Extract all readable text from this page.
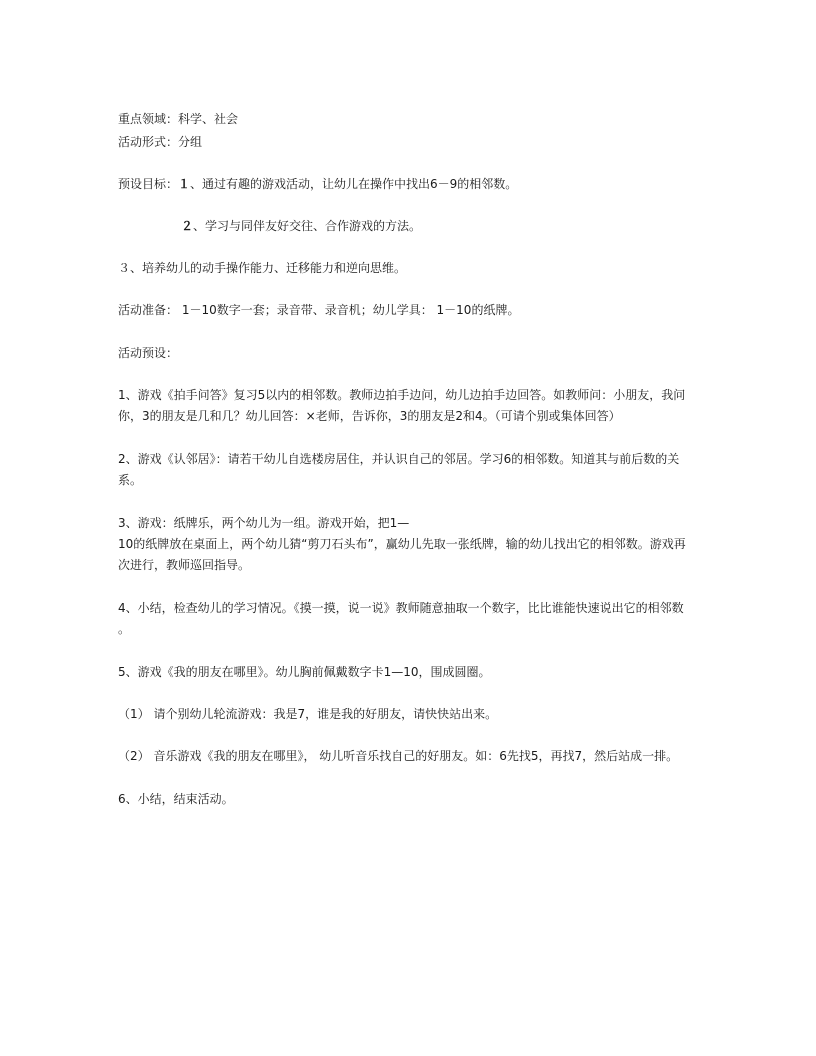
重点领域：科学、社会
活动形式：分组
预设目标：１、通过有趣的游戏活动，让幼儿在操作中找出6－9的相邻数。
２、学习与同伴友好交往、合作游戏的方法。
３、培养幼儿的动手操作能力、迁移能力和逆向思维。
活动准备： 1－10数字一套；录音带、录音机；幼儿学具： 1－10的纸牌。
活动预设：
1、游戏《拍手问答》复习5以内的相邻数。教师边拍手边问，幼儿边拍手边回答。如教师问：小朋友，我问
你，3的朋友是几和几？幼儿回答：×老师，告诉你，3的朋友是2和4。（可请个别或集体回答）
2、游戏《认邻居》：请若干幼儿自选楼房居住，并认识自己的邻居。学习6的相邻数。知道其与前后数的关
系。
3、游戏：纸牌乐，两个幼儿为一组。游戏开始，把1—
10的纸牌放在桌面上，两个幼儿猜“剪刀石头布”，赢幼儿先取一张纸牌，输的幼儿找出它的相邻数。游戏再
次进行，教师巡回指导。
4、小结，检查幼儿的学习情况。《摸一摸，说一说》教师随意抽取一个数字，比比谁能快速说出它的相邻数
。
5、游戏《我的朋友在哪里》。幼儿胸前佩戴数字卡1—10，围成圆圈。
（1） 请个别幼儿轮流游戏：我是7，谁是我的好朋友，请快快站出来。
（2） 音乐游戏《我的朋友在哪里》， 幼儿听音乐找自己的好朋友。如：6先找5，再找7，然后站成一排。
6、小结，结束活动。
